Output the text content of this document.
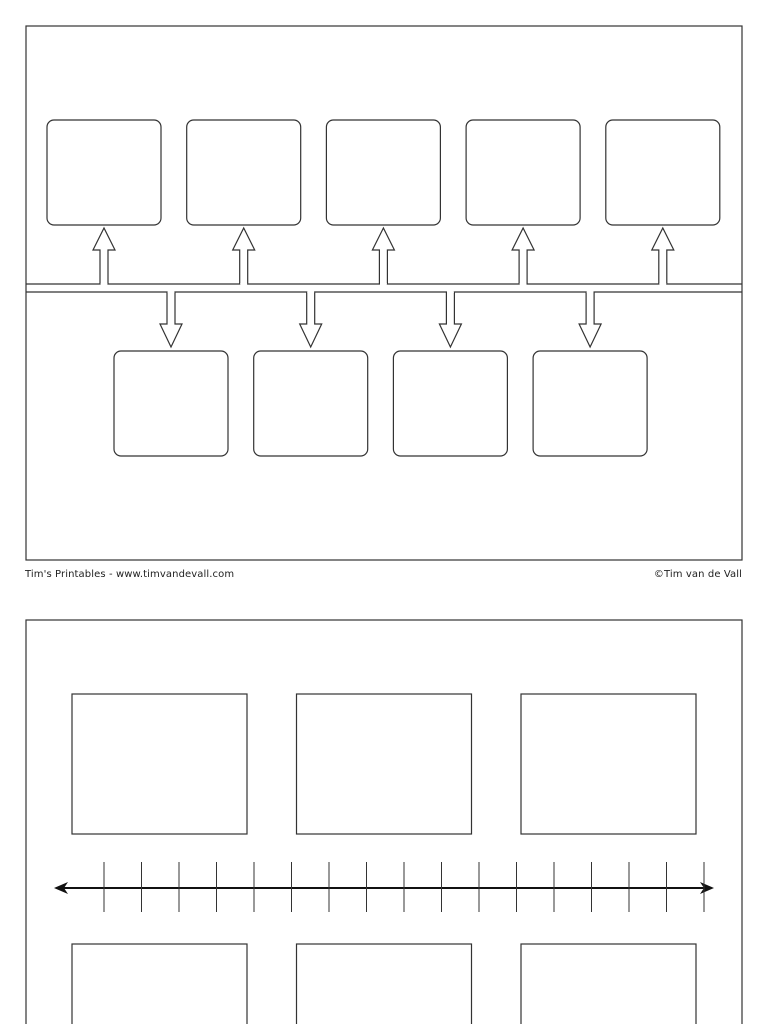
Tim's Printables - www.timvandevall.com	©Tim van de Vall
